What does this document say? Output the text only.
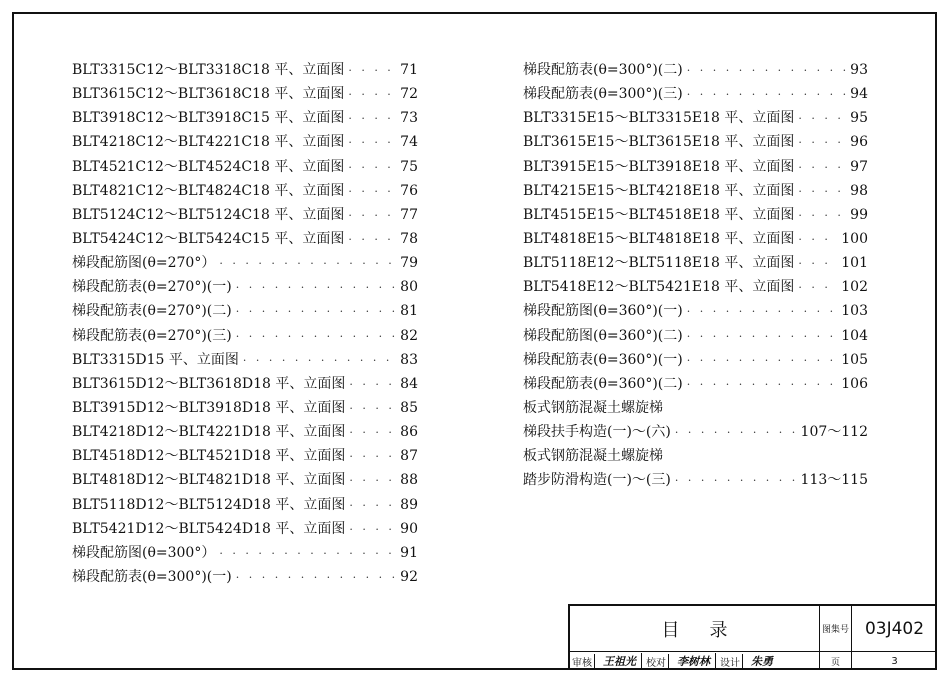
BLT3315C12～BLT3318C18 平、立面图 · · ·	71
BLT3615C12～BLT3618C18 平、立面图 · · ·	72
BLT3918C12～BLT3918C15 平、立面图 · · ·	73
BLT4218C12～BLT4221C18 平、立面图 · · ·	74
BLT4521C12～BLT4524C18 平、立面图 · · ·	75
BLT4821C12～BLT4824C18 平、立面图 · · ·	76
BLT5124C12～BLT5124C18 平、立面图 · · ·	77
BLT5424C12～BLT5424C15 平、立面图 · · ·	78
梯段配筋图(θ=270°） · · ·	79
梯段配筋表(θ=270°)(一) · · ·	80
梯段配筋表(θ=270°)(二) · · ·	81
梯段配筋表(θ=270°)(三) · · ·	82
BLT3315D15 平、立面图 · · ·	83
BLT3615D12～BLT3618D18 平、立面图 · · ·	84
BLT3915D12～BLT3918D18 平、立面图 · · ·	85
BLT4218D12～BLT4221D18 平、立面图 · · ·	86
BLT4518D12～BLT4521D18 平、立面图 · · ·	87
BLT4818D12～BLT4821D18 平、立面图 · · ·	88
BLT5118D12～BLT5124D18 平、立面图 · · ·	89
BLT5421D12～BLT5424D18 平、立面图 · · ·	90
梯段配筋图(θ=300°） · · ·	91
梯段配筋表(θ=300°)(一) · · ·	92
梯段配筋表(θ=300°)(二) · · ·	93
梯段配筋表(θ=300°)(三) · · ·	94
BLT3315E15～BLT3315E18 平、立面图 · · ·	95
BLT3615E15～BLT3615E18 平、立面图 · · ·	96
BLT3915E15～BLT3918E18 平、立面图 · · ·	97
BLT4215E15～BLT4218E18 平、立面图 · · ·	98
BLT4515E15～BLT4518E18 平、立面图 · · ·	99
BLT4818E15～BLT4818E18 平、立面图 · · ·	100
BLT5118E12～BLT5118E18 平、立面图 · · ·	101
BLT5418E12～BLT5421E18 平、立面图 · · ·	102
梯段配筋图(θ=360°)(一) · · ·	103
梯段配筋图(θ=360°)(二) · · ·	104
梯段配筋表(θ=360°)(一) · · ·	105
梯段配筋表(θ=360°)(二) · · ·	106
板式钢筋混凝土螺旋梯
梯段扶手构造(一)～(六) · · ·	107～112
板式钢筋混凝土螺旋梯
踏步防滑构造(一)～(三) · · ·	113～115
目录	图集号 03J402
审核	王祖光	校对	李树林	设计	朱勇	页	3
